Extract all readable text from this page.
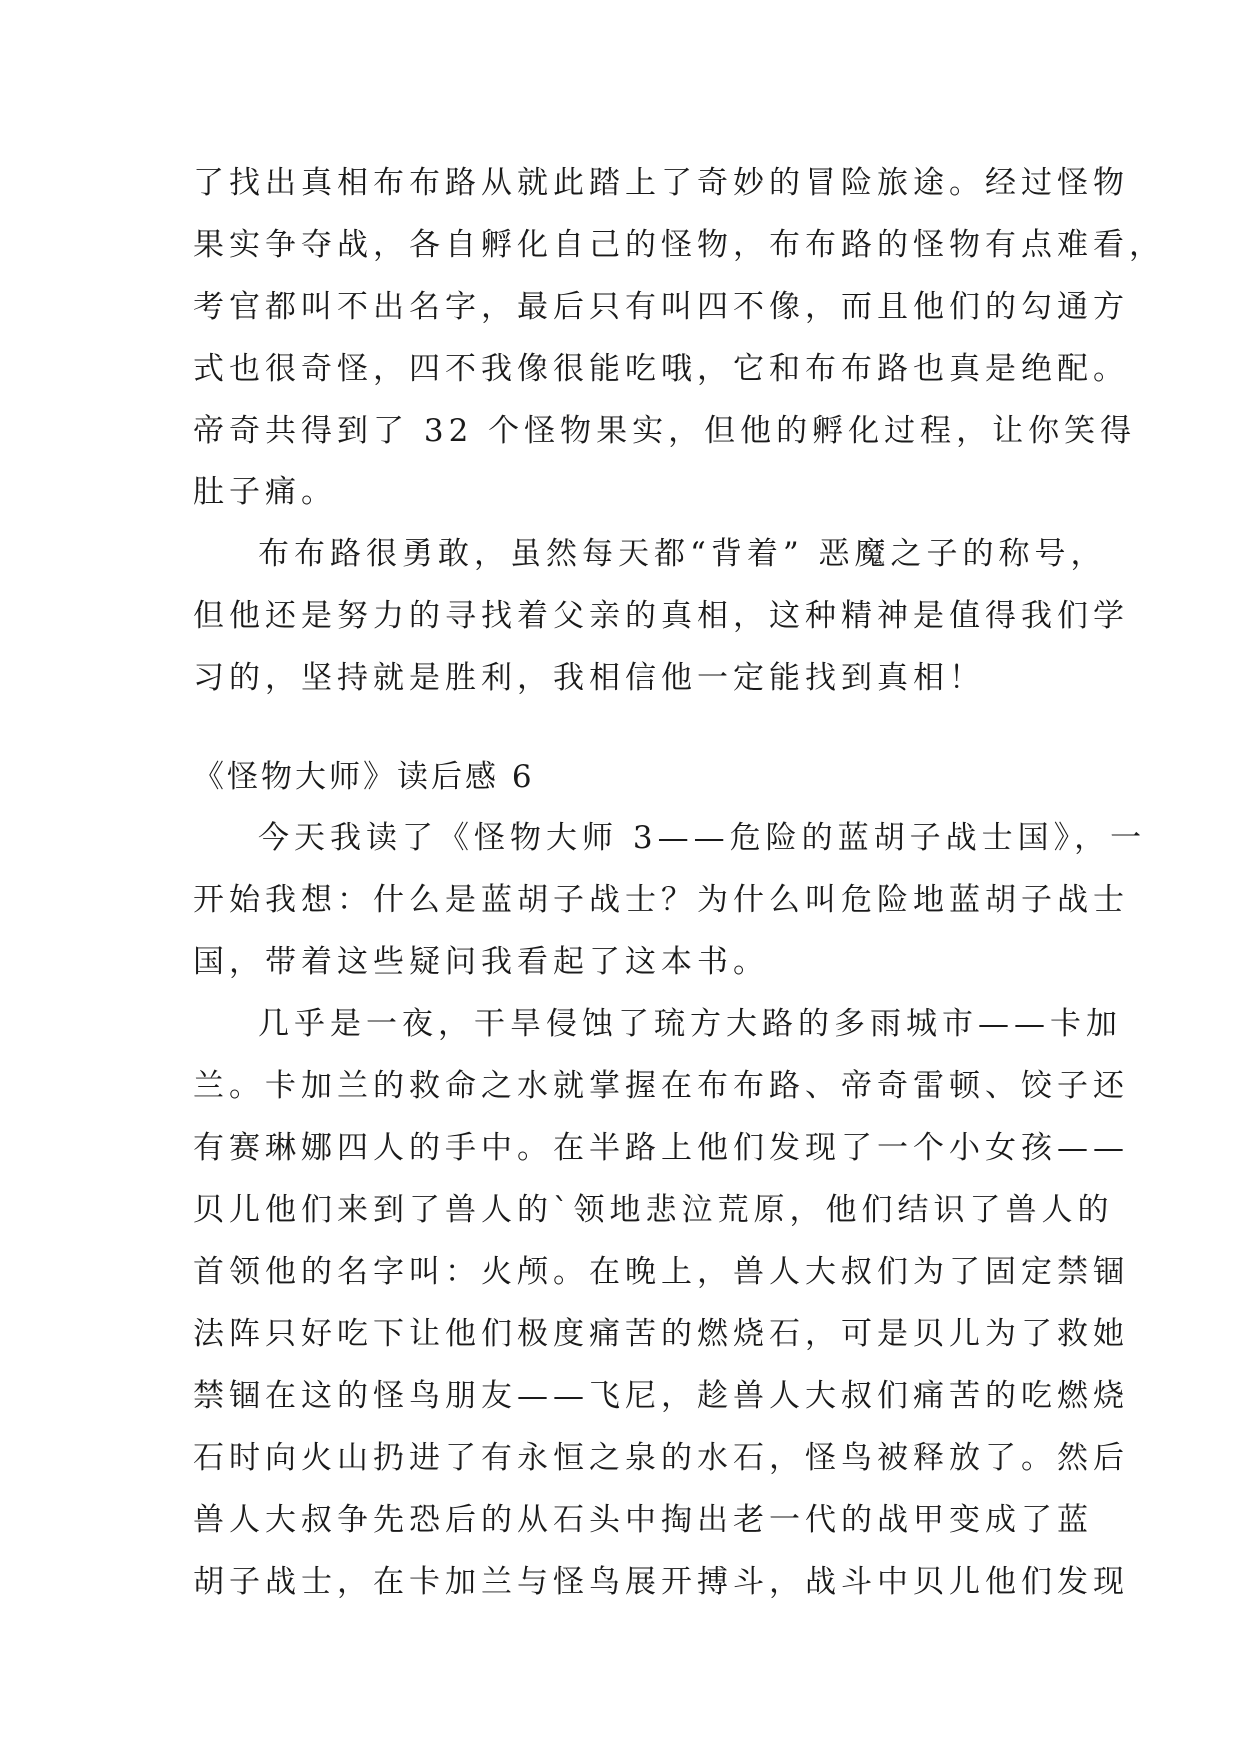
了找出真相布布路从就此踏上了奇妙的冒险旅途。经过怪物
果实争夺战，各自孵化自己的怪物，布布路的怪物有点难看，
考官都叫不出名字，最后只有叫四不像，而且他们的勾通方
式也很奇怪，四不我像很能吃哦，它和布布路也真是绝配。
帝奇共得到了 32 个怪物果实，但他的孵化过程，让你笑得
肚子痛。
布布路很勇敢，虽然每天都“背着” 恶魔之子的称号，
但他还是努力的寻找着父亲的真相，这种精神是值得我们学
习的，坚持就是胜利，我相信他一定能找到真相！
《怪物大师》读后感 6
今天我读了《怪物大师 3——危险的蓝胡子战士国》，一
开始我想：什么是蓝胡子战士？为什么叫危险地蓝胡子战士
国，带着这些疑问我看起了这本书。
几乎是一夜，干旱侵蚀了琉方大路的多雨城市——卡加
兰。卡加兰的救命之水就掌握在布布路、帝奇雷顿、饺子还
有赛琳娜四人的手中。在半路上他们发现了一个小女孩——
贝儿他们来到了兽人的`领地悲泣荒原，他们结识了兽人的
首领他的名字叫：火颅。在晚上，兽人大叔们为了固定禁锢
法阵只好吃下让他们极度痛苦的燃烧石，可是贝儿为了救她
禁锢在这的怪鸟朋友——飞尼，趁兽人大叔们痛苦的吃燃烧
石时向火山扔进了有永恒之泉的水石，怪鸟被释放了。然后
兽人大叔争先恐后的从石头中掏出老一代的战甲变成了蓝
胡子战士，在卡加兰与怪鸟展开搏斗，战斗中贝儿他们发现
